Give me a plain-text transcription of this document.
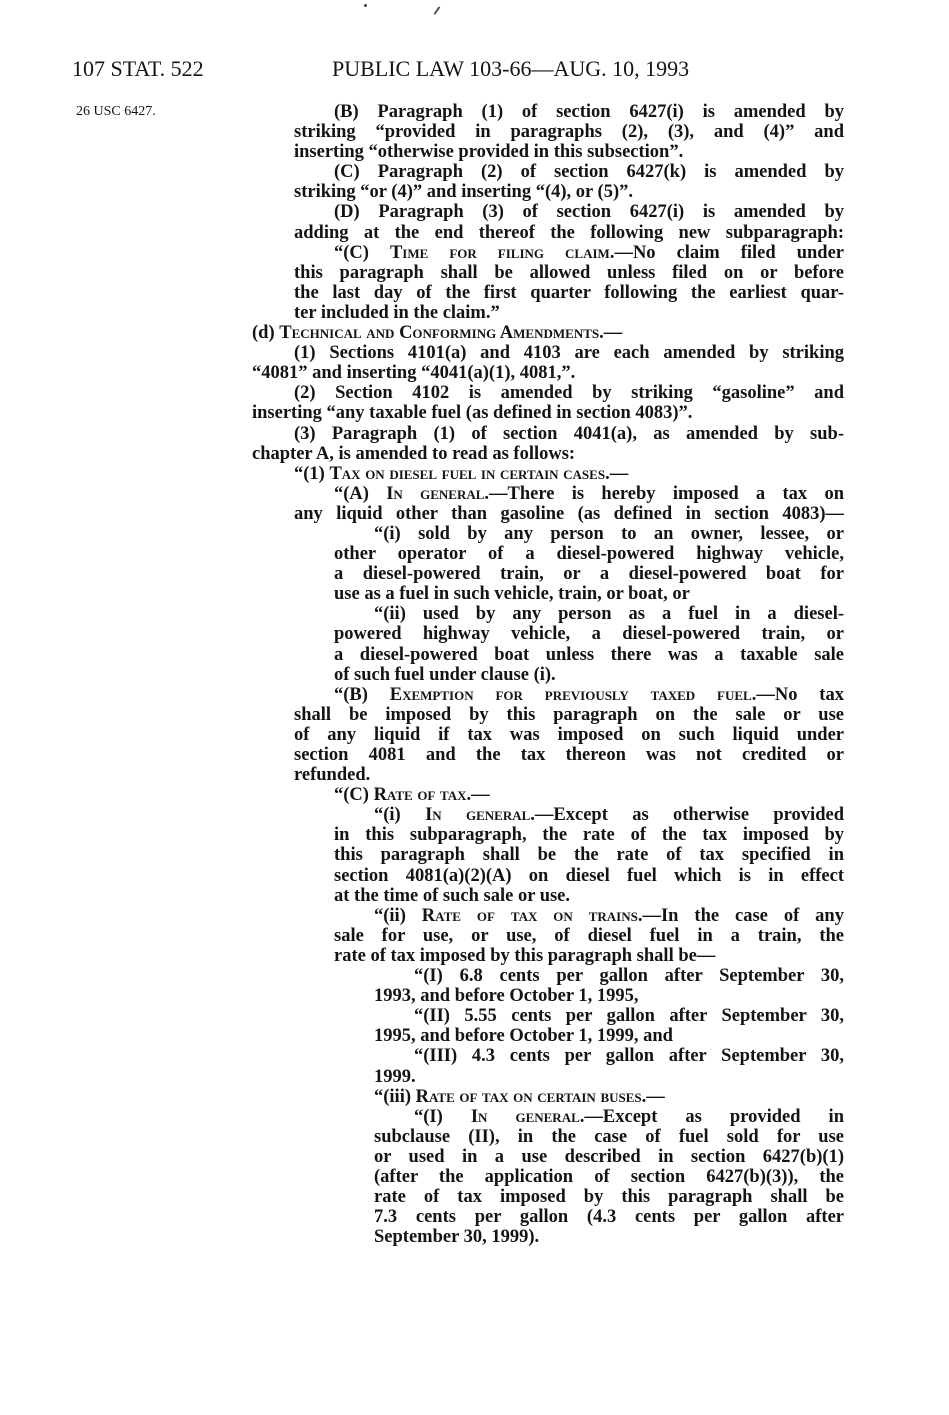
107 STAT. 522	PUBLIC LAW 103-66—AUG. 10, 1993
26 USC 6427.	(B) Paragraph (1) of section 6427(i) is amended by
striking “provided in paragraphs (2), (3), and (4)” and
inserting “otherwise provided in this subsection”.
(C) Paragraph (2) of section 6427(k) is amended by
striking “or (4)” and inserting “(4), or (5)”.
(D) Paragraph (3) of section 6427(i) is amended by
adding at the end thereof the following new subparagraph:
“(C) Time for filing claim.—No claim filed under
this paragraph shall be allowed unless filed on or before
the last day of the first quarter following the earliest quar-
ter included in the claim.”
(d) Technical and Conforming Amendments.—
(1) Sections 4101(a) and 4103 are each amended by striking
“4081” and inserting “4041(a)(1), 4081,”.
(2) Section 4102 is amended by striking “gasoline” and
inserting “any taxable fuel (as defined in section 4083)”.
(3) Paragraph (1) of section 4041(a), as amended by sub-
chapter A, is amended to read as follows:
“(1) Tax on diesel fuel in certain cases.—
“(A) In general.—There is hereby imposed a tax on
any liquid other than gasoline (as defined in section 4083)—
“(i) sold by any person to an owner, lessee, or
other operator of a diesel-powered highway vehicle,
a diesel-powered train, or a diesel-powered boat for
use as a fuel in such vehicle, train, or boat, or
“(ii) used by any person as a fuel in a diesel-
powered highway vehicle, a diesel-powered train, or
a diesel-powered boat unless there was a taxable sale
of such fuel under clause (i).
“(B) Exemption for previously taxed fuel.—No tax
shall be imposed by this paragraph on the sale or use
of any liquid if tax was imposed on such liquid under
section 4081 and the tax thereon was not credited or
refunded.
“(C) Rate of tax.—
“(i) In general.—Except as otherwise provided
in this subparagraph, the rate of the tax imposed by
this paragraph shall be the rate of tax specified in
section 4081(a)(2)(A) on diesel fuel which is in effect
at the time of such sale or use.
“(ii) Rate of tax on trains.—In the case of any
sale for use, or use, of diesel fuel in a train, the
rate of tax imposed by this paragraph shall be—
“(I) 6.8 cents per gallon after September 30,
1993, and before October 1, 1995,
“(II) 5.55 cents per gallon after September 30,
1995, and before October 1, 1999, and
“(III) 4.3 cents per gallon after September 30,
1999.
“(iii) Rate of tax on certain buses.—
“(I) In general.—Except as provided in
subclause (II), in the case of fuel sold for use
or used in a use described in section 6427(b)(1)
(after the application of section 6427(b)(3)), the
rate of tax imposed by this paragraph shall be
7.3 cents per gallon (4.3 cents per gallon after
September 30, 1999).
